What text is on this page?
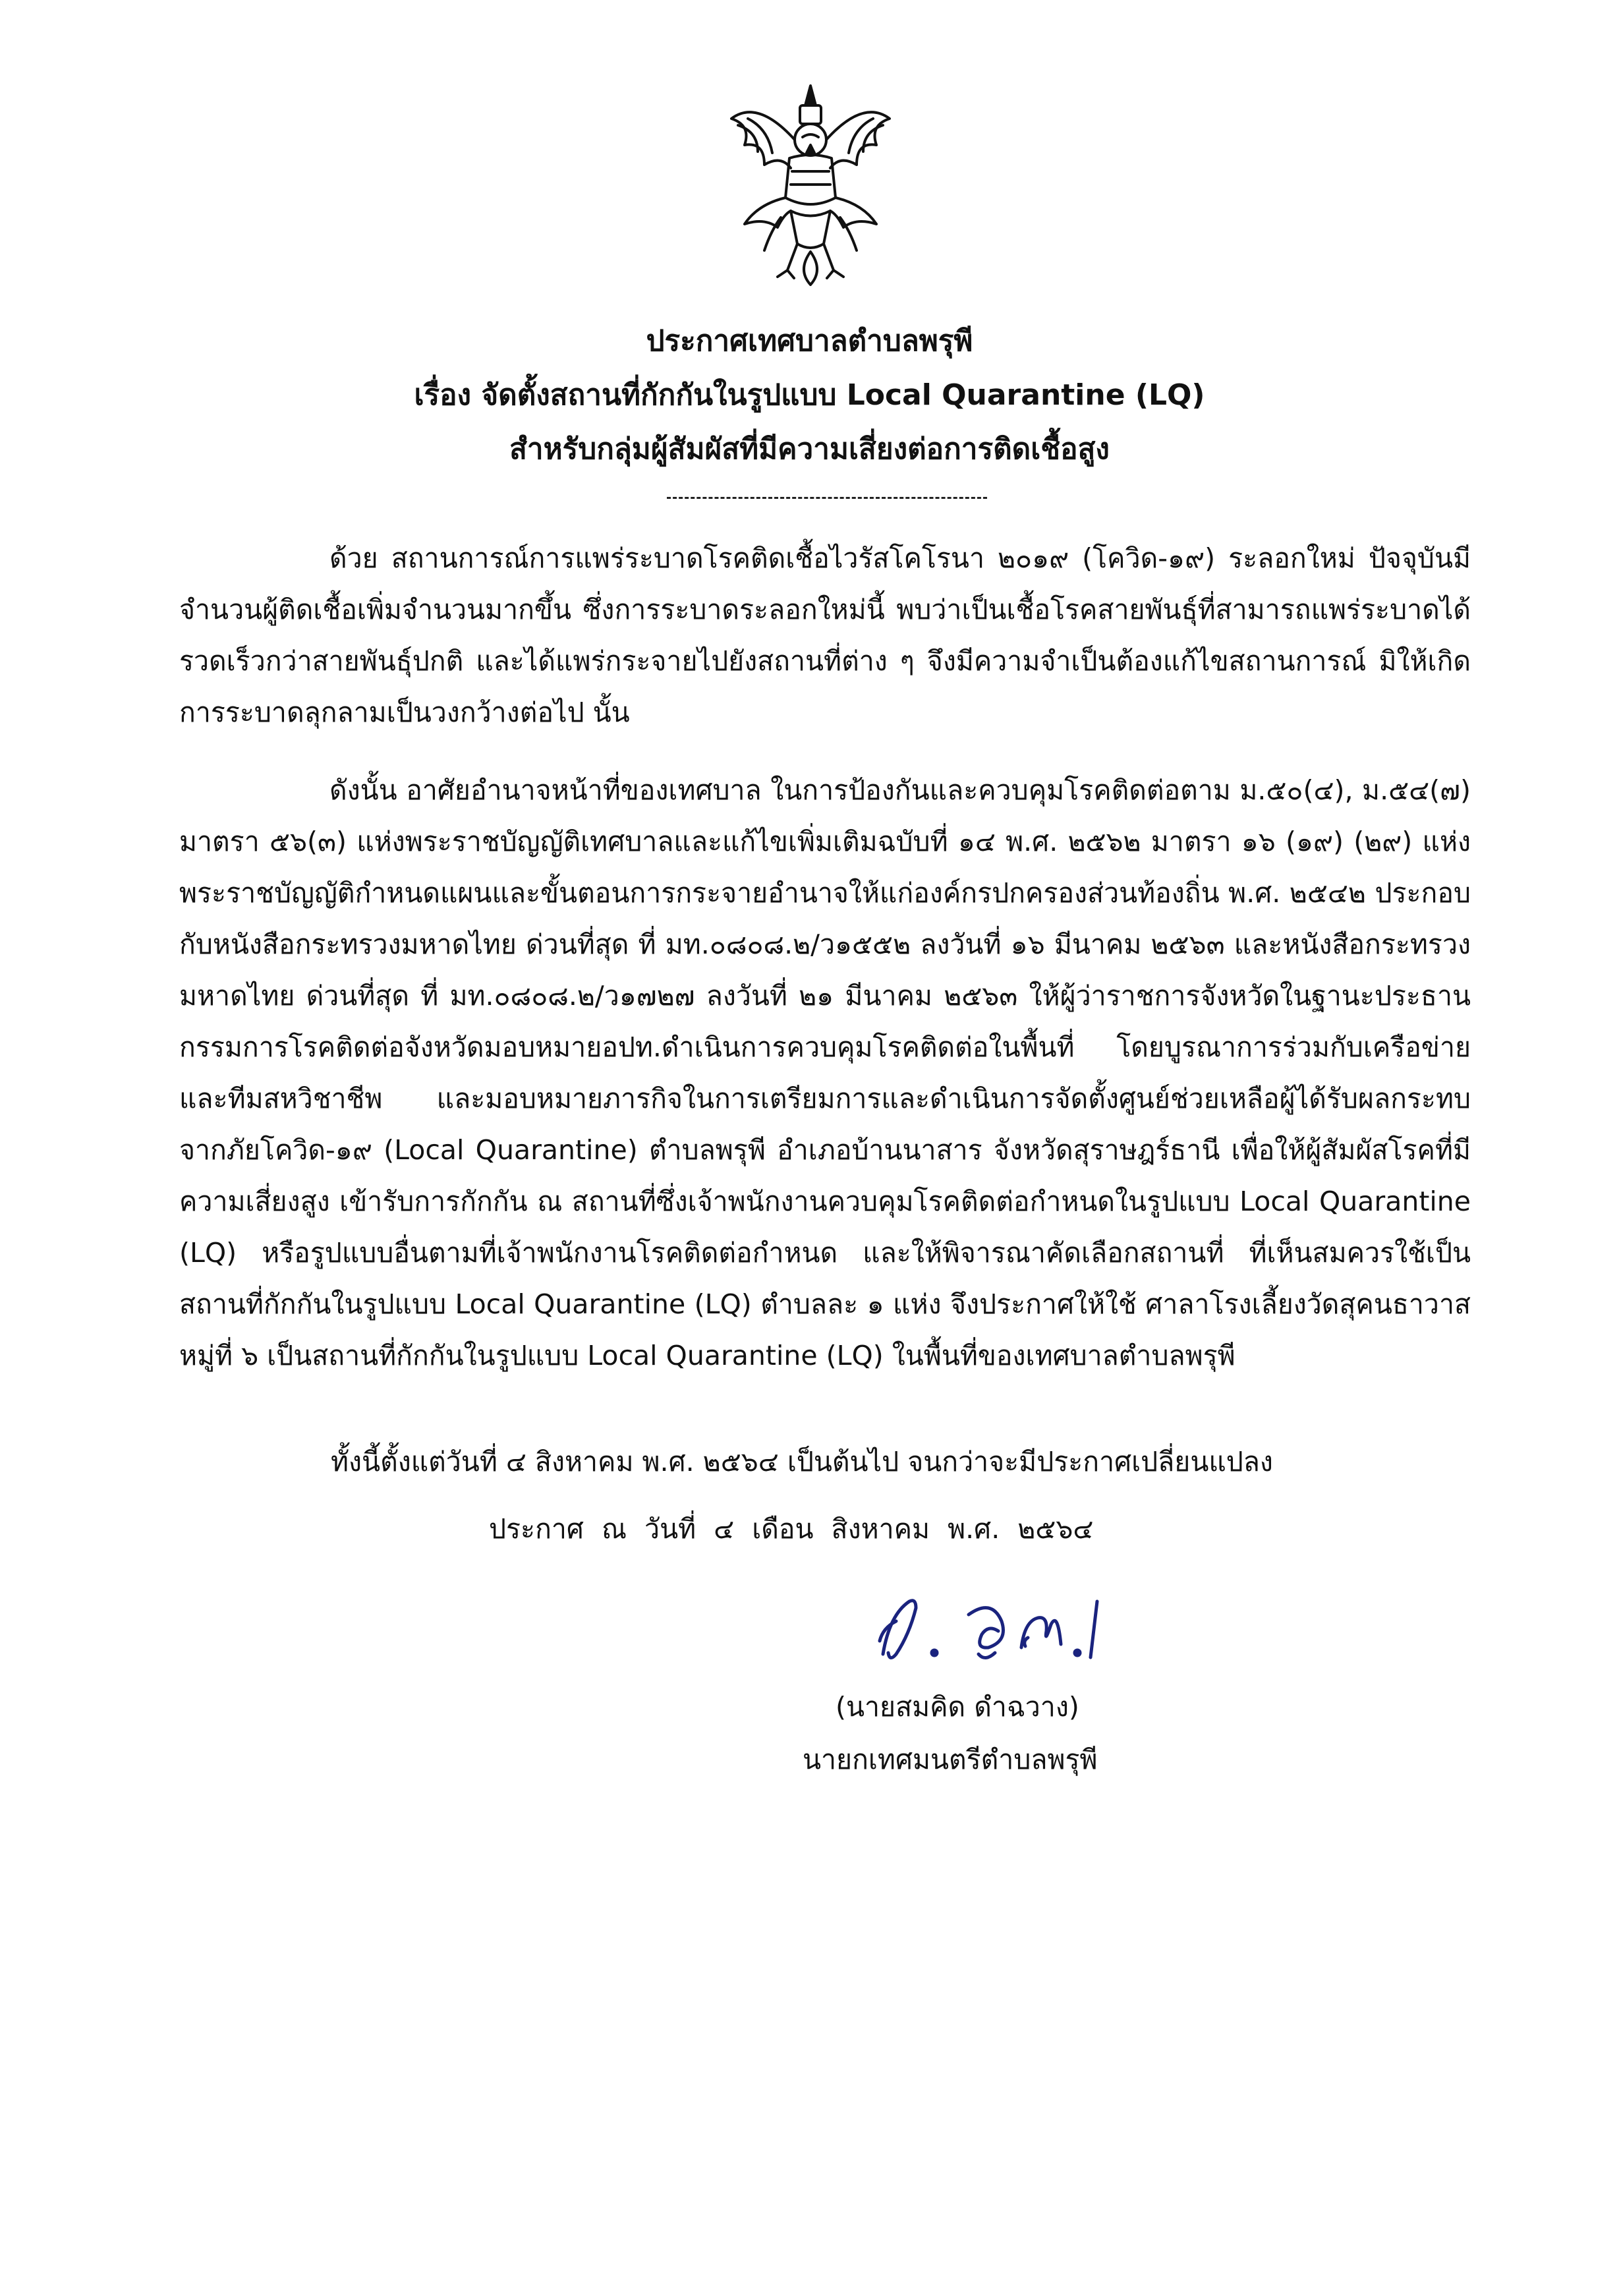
ประกาศเทศบาลตำบลพรุพี
เรื่อง จัดตั้งสถานที่กักกันในรูปแบบ Local Quarantine (LQ)
สำหรับกลุ่มผู้สัมผัสที่มีความเสี่ยงต่อการติดเชื้อสูง

ด้วย สถานการณ์การแพร่ระบาดโรคติดเชื้อไวรัสโคโรนา ๒๐๑๙ (โควิด-๑๙) ระลอกใหม่ ปัจจุบันมีจำนวนผู้ติดเชื้อเพิ่มจำนวนมากขึ้น ซึ่งการระบาดระลอกใหม่นี้ พบว่าเป็นเชื้อโรคสายพันธุ์ที่สามารถแพร่ระบาดได้รวดเร็วกว่าสายพันธุ์ปกติ และได้แพร่กระจายไปยังสถานที่ต่าง ๆ จึงมีความจำเป็นต้องแก้ไขสถานการณ์ มิให้เกิดการระบาดลุกลามเป็นวงกว้างต่อไป นั้น

ดังนั้น อาศัยอำนาจหน้าที่ของเทศบาล ในการป้องกันและควบคุมโรคติดต่อตาม ม.๕๐(๔), ม.๕๔(๗) มาตรา ๕๖(๓) แห่งพระราชบัญญัติเทศบาลและแก้ไขเพิ่มเติมฉบับที่ ๑๔ พ.ศ. ๒๕๖๒ มาตรา ๑๖ (๑๙) (๒๙) แห่งพระราชบัญญัติกำหนดแผนและขั้นตอนการกระจายอำนาจให้แก่องค์กรปกครองส่วนท้องถิ่น พ.ศ. ๒๕๔๒ ประกอบกับหนังสือกระทรวงมหาดไทย ด่วนที่สุด ที่ มท.๐๘๐๘.๒/ว๑๕๕๒ ลงวันที่ ๑๖ มีนาคม ๒๕๖๓ และหนังสือกระทรวงมหาดไทย ด่วนที่สุด ที่ มท.๐๘๐๘.๒/ว๑๗๒๗ ลงวันที่ ๒๑ มีนาคม ๒๕๖๓ ให้ผู้ว่าราชการจังหวัดในฐานะประธานกรรมการโรคติดต่อจังหวัดมอบหมายอปท.ดำเนินการควบคุมโรคติดต่อในพื้นที่ โดยบูรณาการร่วมกับเครือข่ายและทีมสหวิชาชีพ และมอบหมายภารกิจในการเตรียมการและดำเนินการจัดตั้งศูนย์ช่วยเหลือผู้ได้รับผลกระทบจากภัยโควิด-๑๙ (Local Quarantine) ตำบลพรุพี อำเภอบ้านนาสาร จังหวัดสุราษฎร์ธานี เพื่อให้ผู้สัมผัสโรคที่มีความเสี่ยงสูง เข้ารับการกักกัน ณ สถานที่ซึ่งเจ้าพนักงานควบคุมโรคติดต่อกำหนดในรูปแบบ Local Quarantine (LQ) หรือรูปแบบอื่นตามที่เจ้าพนักงานโรคติดต่อกำหนด และให้พิจารณาคัดเลือกสถานที่ ที่เห็นสมควรใช้เป็นสถานที่กักกันในรูปแบบ Local Quarantine (LQ) ตำบลละ ๑ แห่ง จึงประกาศให้ใช้ ศาลาโรงเลี้ยงวัดสุคนธาวาส หมู่ที่ ๖ เป็นสถานที่กักกันในรูปแบบ Local Quarantine (LQ) ในพื้นที่ของเทศบาลตำบลพรุพี

ทั้งนี้ตั้งแต่วันที่ ๔ สิงหาคม พ.ศ. ๒๕๖๔ เป็นต้นไป จนกว่าจะมีประกาศเปลี่ยนแปลง
ประกาศ ณ วันที่ ๔ เดือน สิงหาคม พ.ศ. ๒๕๖๔
(นายสมคิด ดำฉวาง)
นายกเทศมนตรีตำบลพรุพี
